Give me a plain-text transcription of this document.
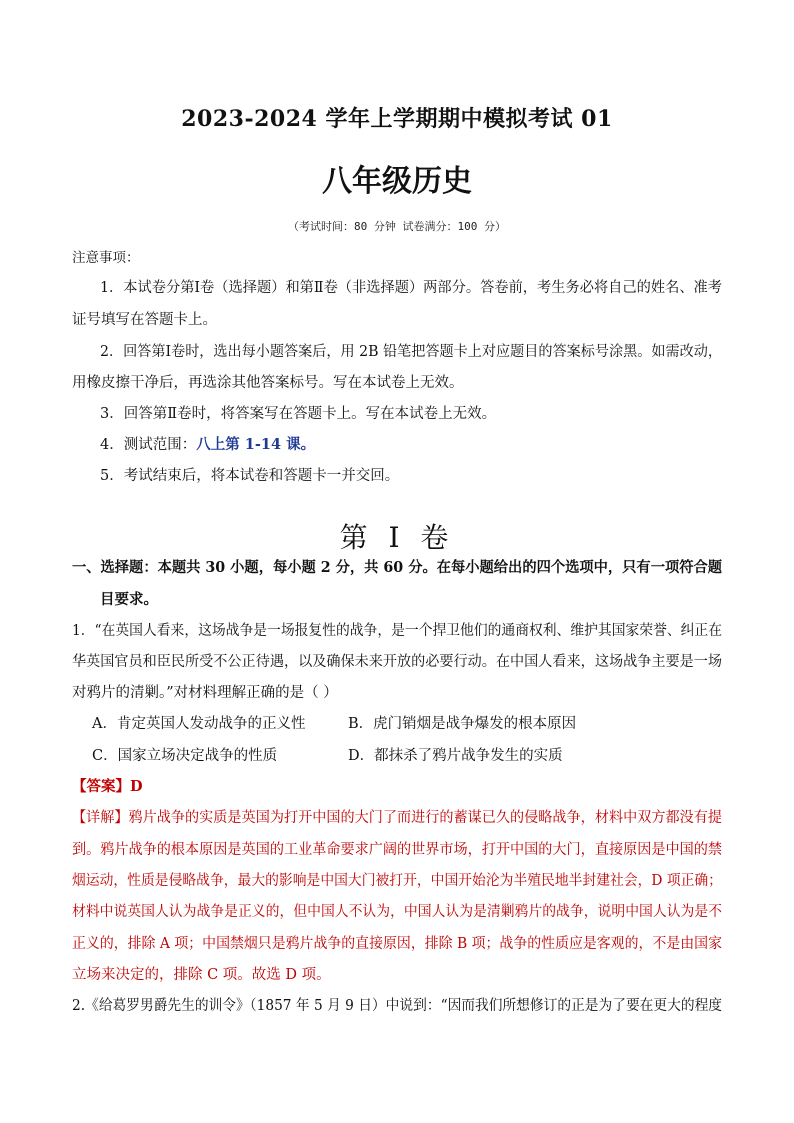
2023-2024 学年上学期期中模拟考试 01
八年级历史
（考试时间：80 分钟 试卷满分：100 分）
注意事项：
1．本试卷分第Ⅰ卷（选择题）和第Ⅱ卷（非选择题）两部分。答卷前，考生务必将自己的姓名、准考
证号填写在答题卡上。
2．回答第Ⅰ卷时，选出每小题答案后，用 2B 铅笔把答题卡上对应题目的答案标号涂黑。如需改动，
用橡皮擦干净后，再选涂其他答案标号。写在本试卷上无效。
3．回答第Ⅱ卷时，将答案写在答题卡上。写在本试卷上无效。
4．测试范围：八上第 1-14 课。
5．考试结束后，将本试卷和答题卡一并交回。
第 I 卷
一、选择题：本题共 30 小题，每小题 2 分，共 60 分。在每小题给出的四个选项中，只有一项符合题
目要求。
1．“在英国人看来，这场战争是一场报复性的战争，是一个捍卫他们的通商权利、维护其国家荣誉、纠正在
华英国官员和臣民所受不公正待遇，以及确保未来开放的必要行动。在中国人看来，这场战争主要是一场
对鸦片的清剿。”对材料理解正确的是（ ）
A．肯定英国人发动战争的正义性	B．虎门销烟是战争爆发的根本原因
C．国家立场决定战争的性质	D．都抹杀了鸦片战争发生的实质
【答案】D
【详解】鸦片战争的实质是英国为打开中国的大门了而进行的蓄谋已久的侵略战争，材料中双方都没有提
到。鸦片战争的根本原因是英国的工业革命要求广阔的世界市场，打开中国的大门，直接原因是中国的禁
烟运动，性质是侵略战争，最大的影响是中国大门被打开，中国开始沦为半殖民地半封建社会，D 项正确；
材料中说英国人认为战争是正义的，但中国人不认为，中国人认为是清剿鸦片的战争，说明中国人认为是不
正义的，排除 A 项；中国禁烟只是鸦片战争的直接原因，排除 B 项；战争的性质应是客观的，不是由国家
立场来决定的，排除 C 项。故选 D 项。
2.《给葛罗男爵先生的训令》（1857 年 5 月 9 日）中说到：“因而我们所想修订的正是为了要在更大的程度
